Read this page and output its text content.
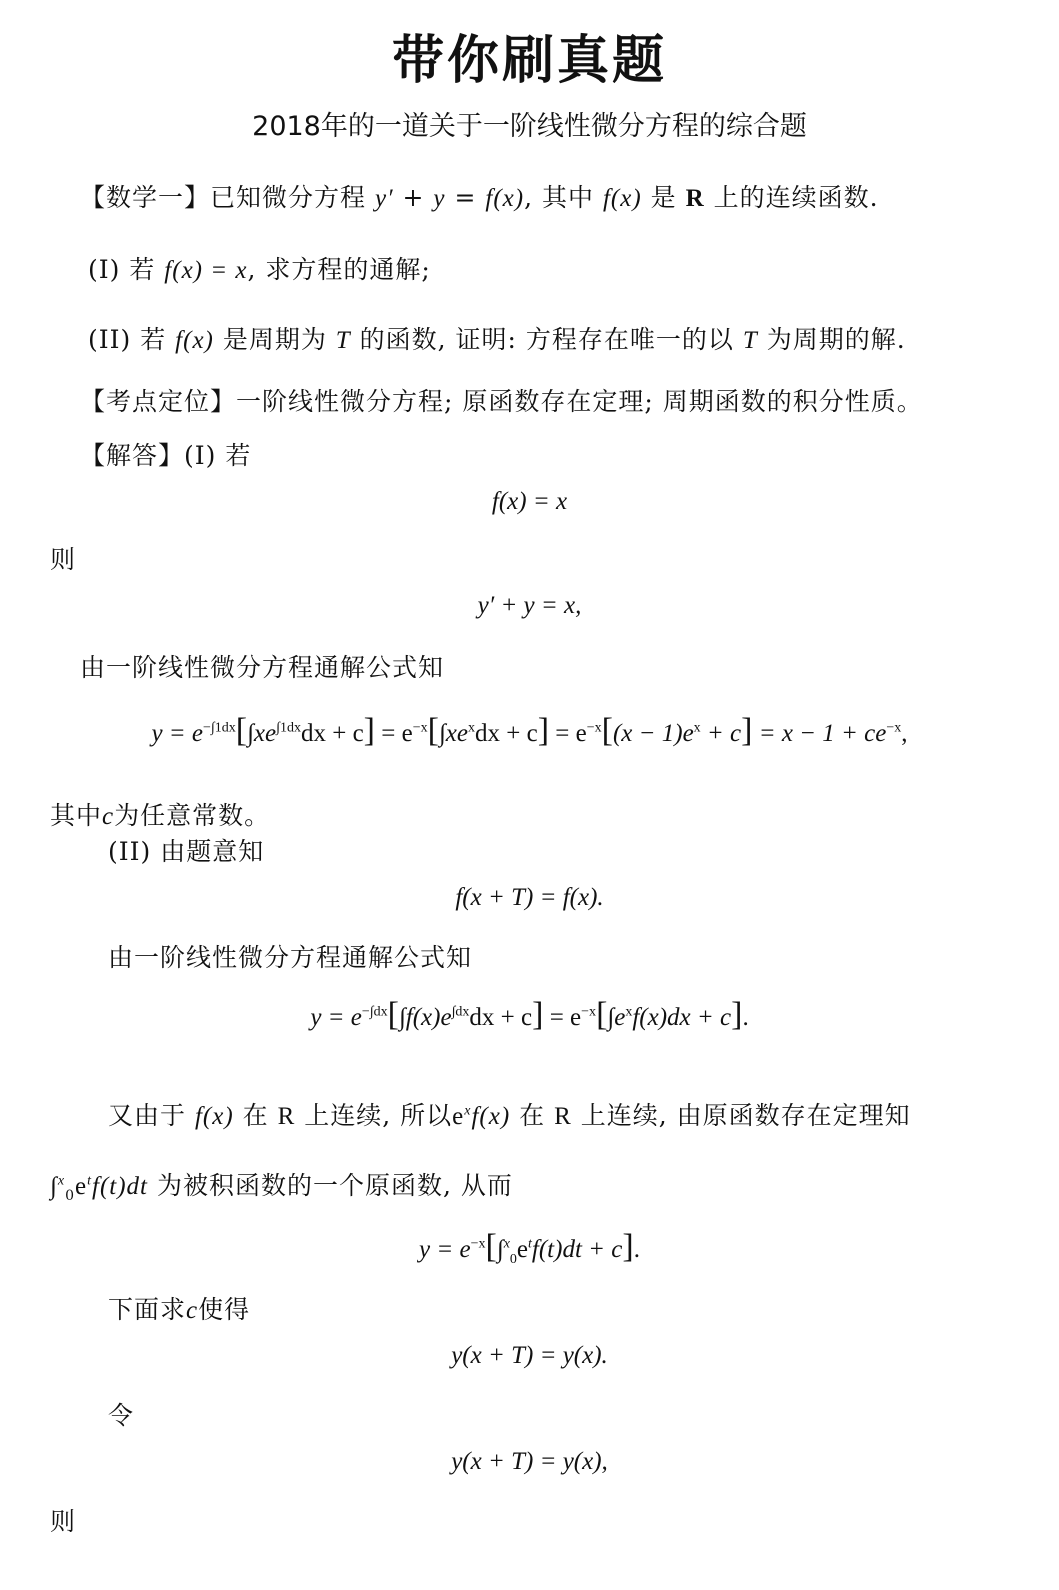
带你刷真题
2018年的一道关于一阶线性微分方程的综合题
【数学一】已知微分方程 y′ + y = f(x), 其中 f(x) 是 R 上的连续函数.
(I) 若 f(x) = x, 求方程的通解;
(II) 若 f(x) 是周期为 T 的函数, 证明: 方程存在唯一的以 T 为周期的解.
【考点定位】一阶线性微分方程; 原函数存在定理; 周期函数的积分性质。
【解答】(I) 若
f(x) = x
则
y′ + y = x,
由一阶线性微分方程通解公式知
$y = e^{-\int 1dx}[\int xe^{\int 1dx}dx + c] = e^{-x}[\int xe^xdx + c] = e^{-x}[(x - 1)e^x + c] = x - 1 + ce^{-x}$,
其中c为任意常数。
(II) 由题意知
f(x + T) = f(x).
由一阶线性微分方程通解公式知
$y = e^{-\int dx}[\int f(x)e^{\int dx}dx + c] = e^{-x}[\int e^xf(x)dx + c]$.
又由于 f(x) 在 R 上连续, 所以$e^xf(x)$ 在 R 上连续, 由原函数存在定理知
$\int^x_0e^tf(t)dt$ 为被积函数的一个原函数, 从而
$y = e^{-x}[\int^x_0e^tf(t)dt + c]$.
下面求c使得
y(x + T) = y(x).
令
y(x + T) = y(x),
则
